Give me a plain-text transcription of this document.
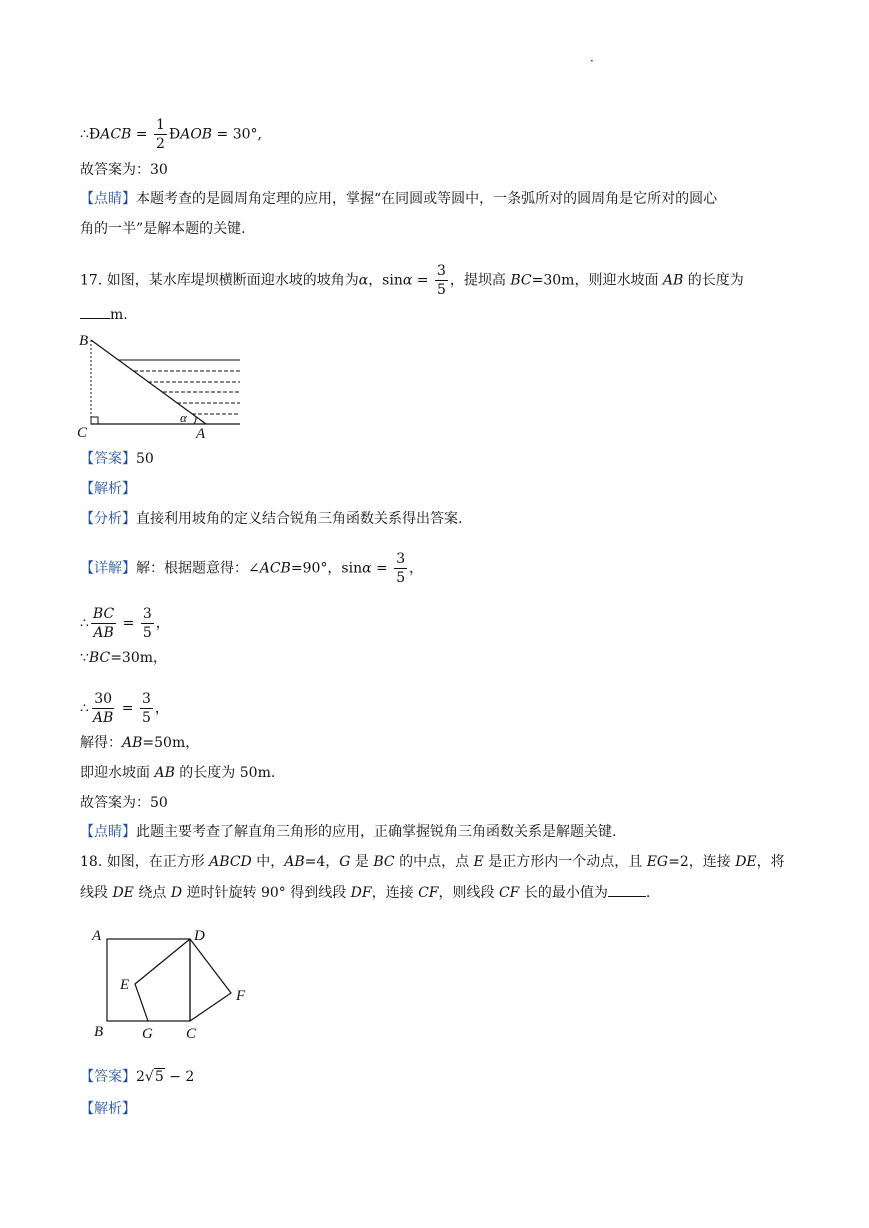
·
∴ÐACB = $\frac{1}{2}$ ÐAOB = 30°,
故答案为：30
【点睛】本题考查的是圆周角定理的应用，掌握“在同圆或等圆中，一条弧所对的圆周角是它所对的圆心
角的一半”是解本题的关键.
17. 如图，某水库堤坝横断面迎水坡的坡角为α，$\sin\alpha = \frac{3}{5}$ ，提坝高 BC=30m，则迎水坡面 AB 的长度为
m.
B
C	A
α
【答案】50
【解析】
【分析】直接利用坡角的定义结合锐角三角函数关系得出答案.
【详解】解：根据题意得：∠ACB=90°，$\sin\alpha = \frac{3}{5}$ ，
∴ $\frac{BC}{AB} = \frac{3}{5}$ ，
∵BC=30m，
∴ $\frac{30}{AB} = \frac{3}{5}$ ，
解得：AB=50m，
即迎水坡面 AB 的长度为 50m.
故答案为：50
【点睛】此题主要考查了解直角三角形的应用，正确掌握锐角三角函数关系是解题关键.
18. 如图，在正方形 ABCD 中，AB=4，G 是 BC 的中点，点 E 是正方形内一个动点，且 EG=2，连接 DE，将
线段 DE 绕点 D 逆时针旋转 90° 得到线段 DF，连接 CF，则线段 CF 长的最小值为	.
A	D
E
F
B	G C
【答案】2√5 − 2
【解析】
